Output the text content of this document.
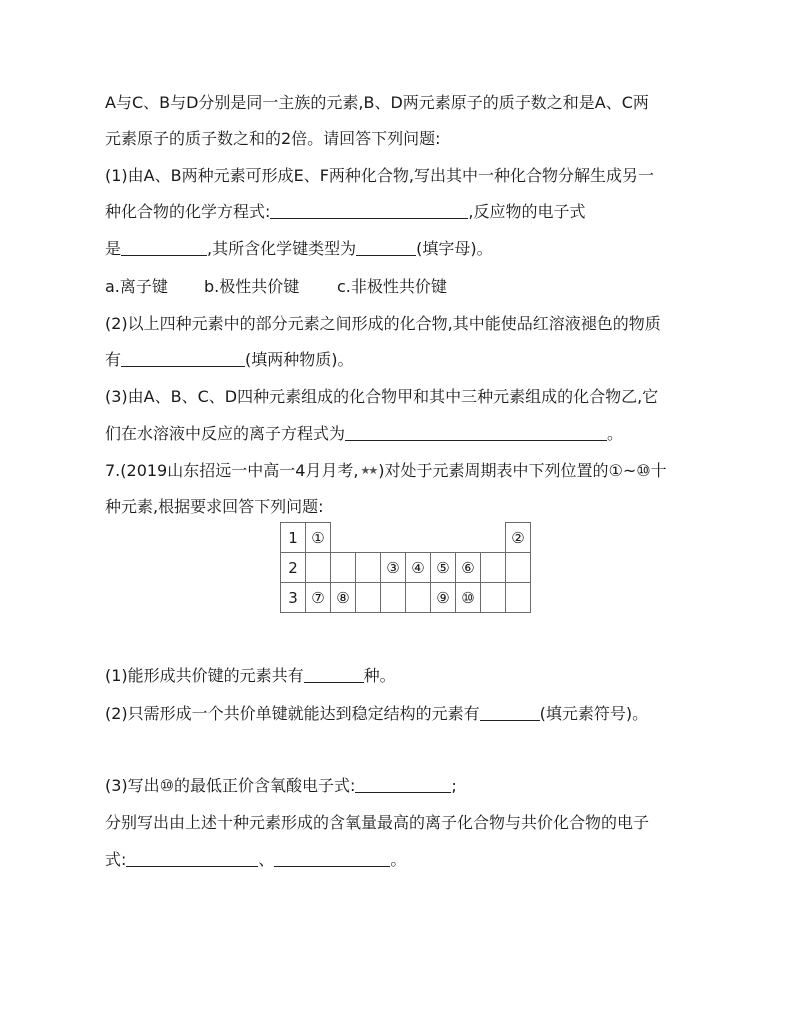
A与C、B与D分别是同一主族的元素,B、D两元素原子的质子数之和是A、C两
元素原子的质子数之和的2倍。请回答下列问题:
(1)由A、B两种元素可形成E、F两种化合物,写出其中一种化合物分解生成另一
种化合物的化学方程式:	,反应物的电子式
是	,其所含化学键类型为	(填字母)。
a.离子键 b.极性共价键 c.非极性共价键
(2)以上四种元素中的部分元素之间形成的化合物,其中能使品红溶液褪色的物质
有	(填两种物质)。
(3)由A、B、C、D四种元素组成的化合物甲和其中三种元素组成的化合物乙,它
们在水溶液中反应的离子方程式为	。
7.(2019山东招远一中高一4月月考, ★★ )对处于元素周期表中下列位置的①~⑩十
种元素,根据要求回答下列问题:
1	①								②
2				③	④	⑤	⑥		
3	⑦	⑧				⑨	⑩		
(1)能形成共价键的元素共有	种。
(2)只需形成一个共价单键就能达到稳定结构的元素有	(填元素符号)。
(3)写出⑩的最低正价含氧酸电子式:	;
分别写出由上述十种元素形成的含氧量最高的离子化合物与共价化合物的电子
式:	、	。
